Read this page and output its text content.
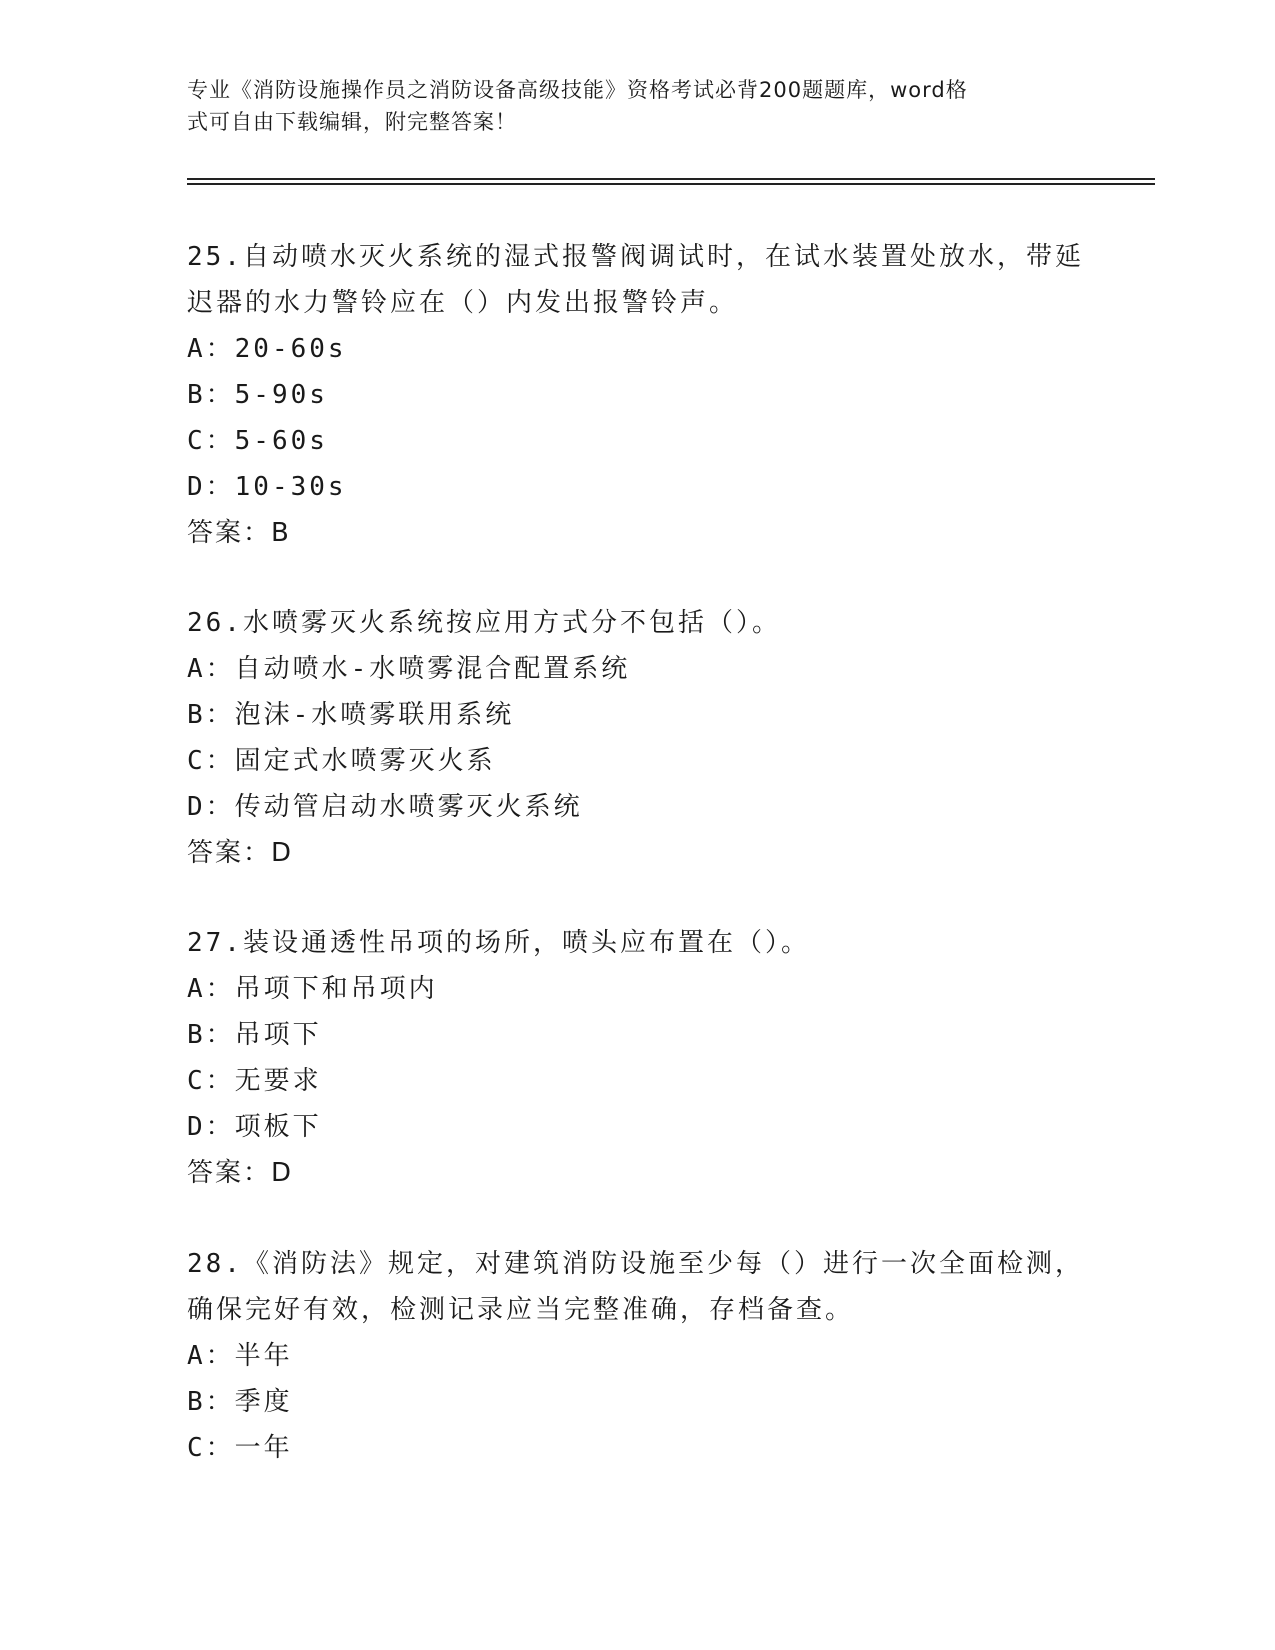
专业《消防设施操作员之消防设备高级技能》资格考试必背200题题库，word格
式可自由下载编辑，附完整答案！
25.自动喷水灭火系统的湿式报警阀调试时，在试水装置处放水，带延
迟器的水力警铃应在（）内发出报警铃声。
A：20-60s
B：5-90s
C：5-60s
D：10-30s
答案：B
26.水喷雾灭火系统按应用方式分不包括（）。
A：自动喷水-水喷雾混合配置系统
B：泡沫-水喷雾联用系统
C：固定式水喷雾灭火系
D：传动管启动水喷雾灭火系统
答案：D
27.装设通透性吊项的场所，喷头应布置在（）。
A：吊项下和吊项内
B：吊项下
C：无要求
D：项板下
答案：D
28.《消防法》规定，对建筑消防设施至少每（）进行一次全面检测，
确保完好有效，检测记录应当完整准确，存档备查。
A：半年
B：季度
C：一年
